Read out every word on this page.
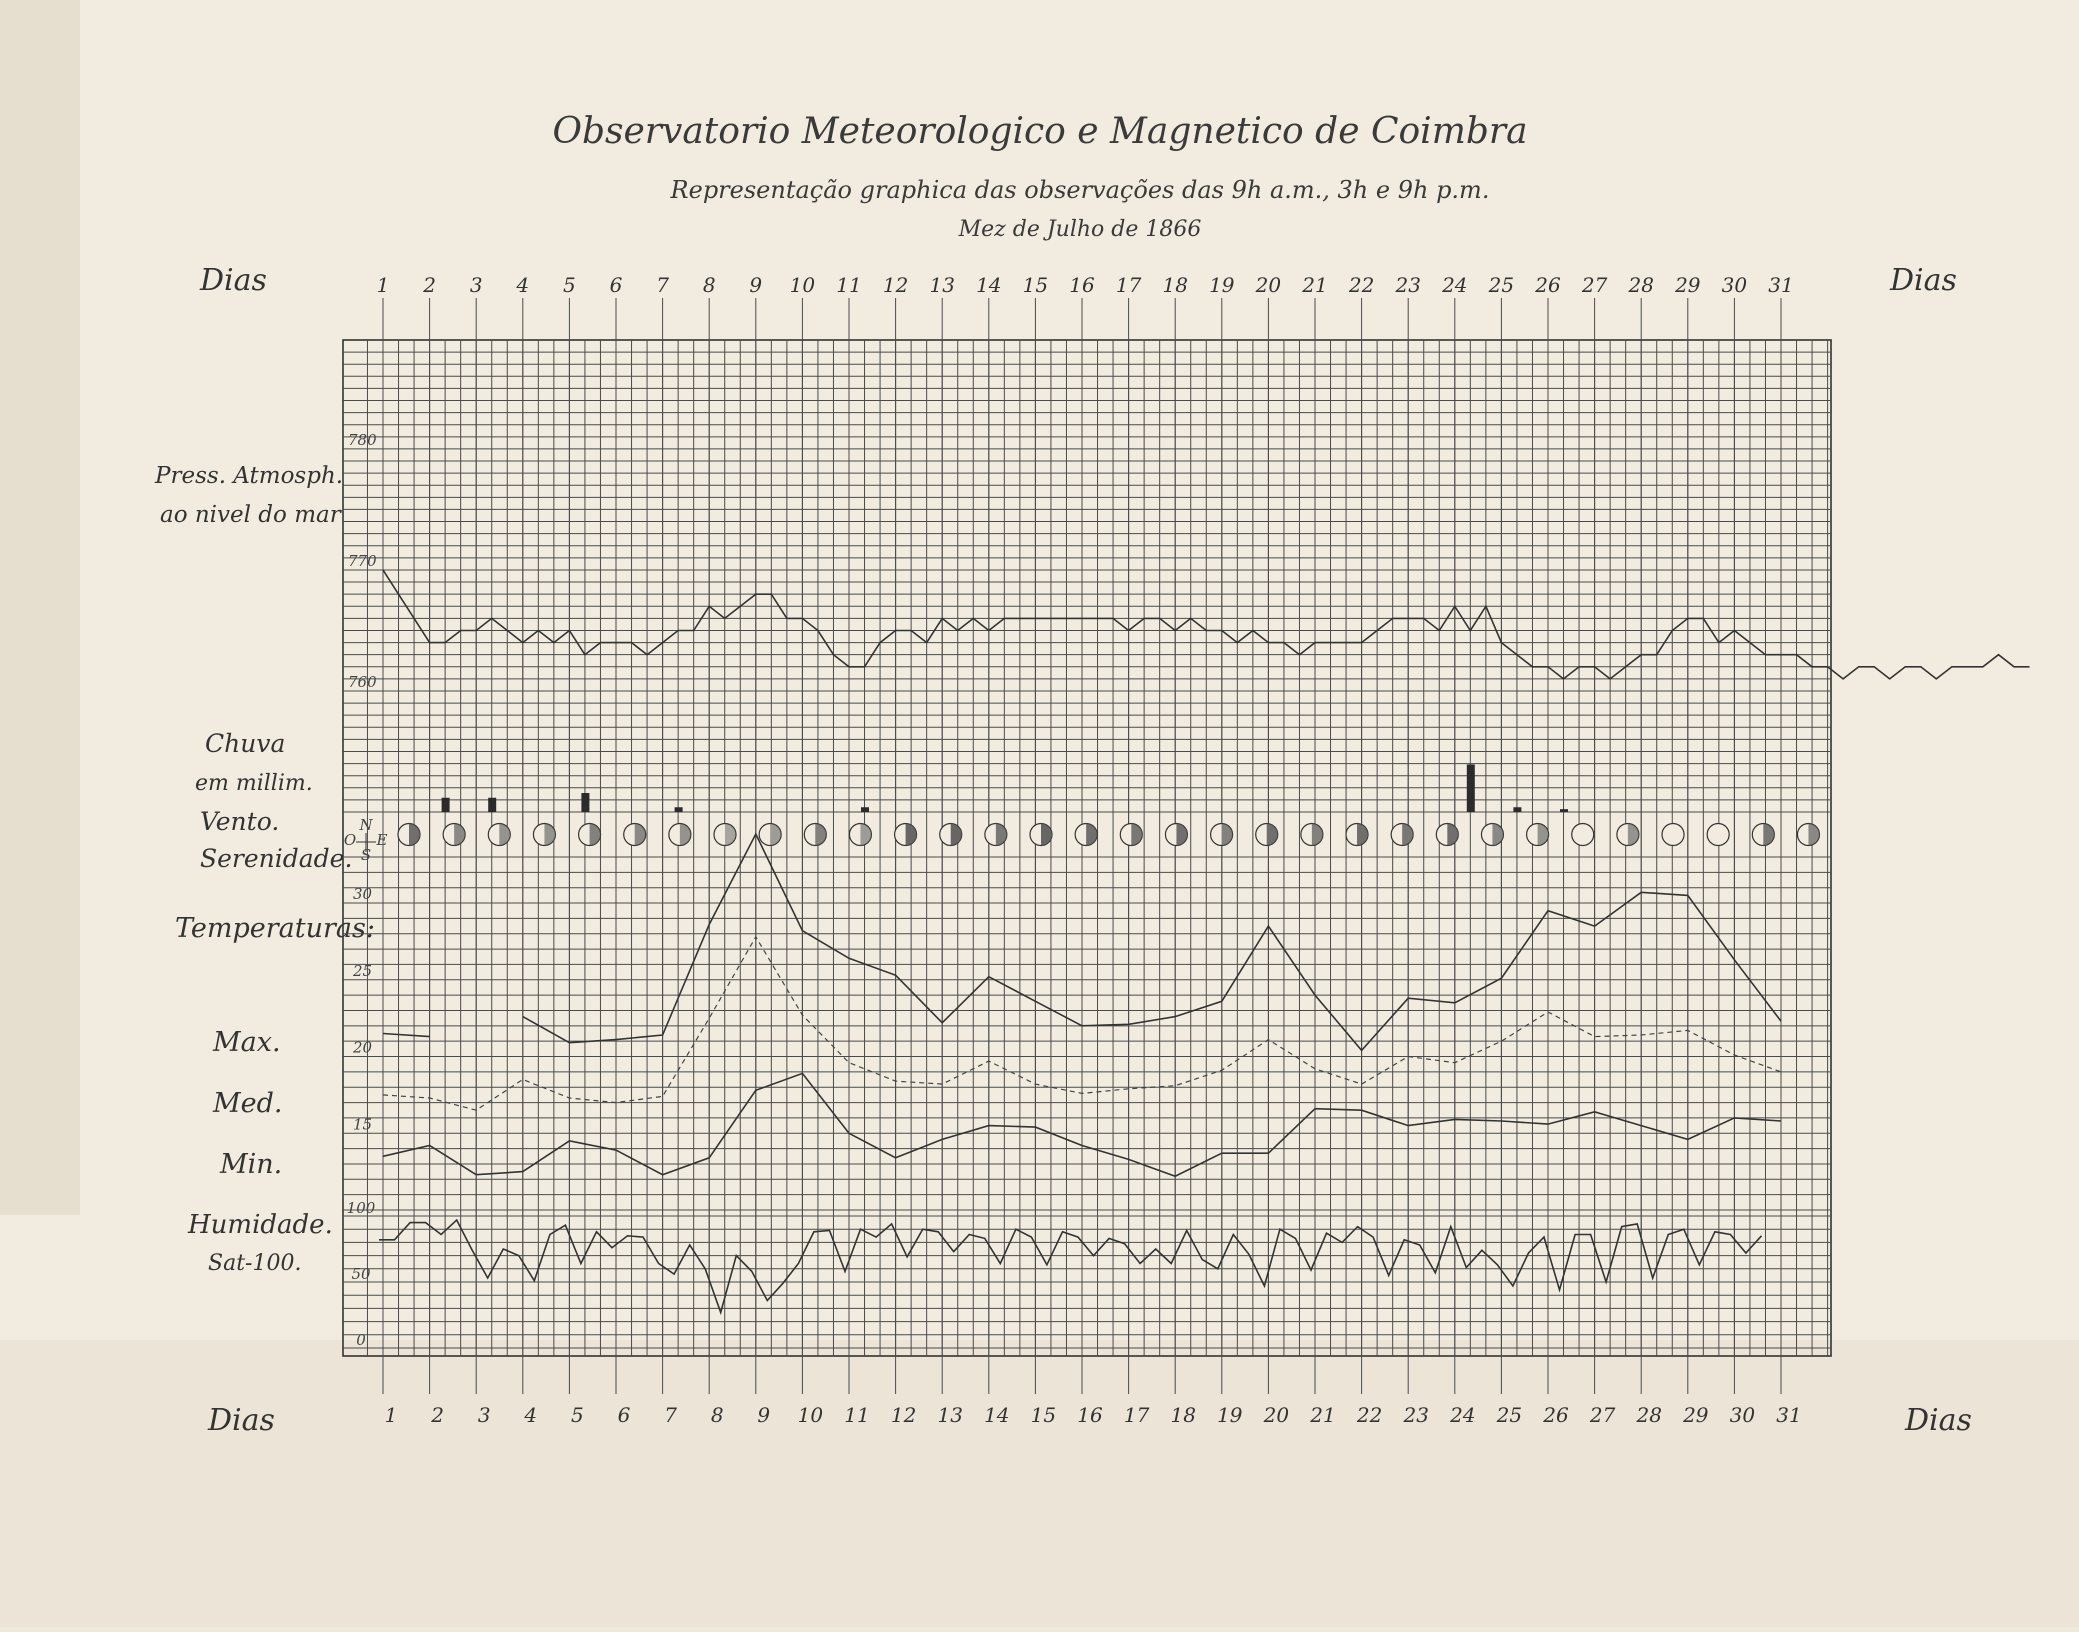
Observatorio Meteorologico e Magnetico de Coimbra
Representação graphica das observações das 9h a.m., 3h e 9h p.m.
Mez de Julho de 1866
Dias	Dias
Dias	Dias
Press. Atmosph.
ao nivel do mar
Chuva
em millim.
Vento.
Serenidade.
Temperaturas:
Max.
Med.
Min.
Humidade.
Sat-100.
N
S
O E
1
1
2
2
3
3
4
4
5
5
6
6
7
7
8
8
9
9
10
10
11
11
12
12
13
13
14
14
15
15
16
16
17
17
18
18
19
19
20
20
21
21
22
22
23
23
24
24
25
25
26
26
27
27
28
28
29
29
30
30
31
31
780
770
760
30
25
20
15
100
50
0
